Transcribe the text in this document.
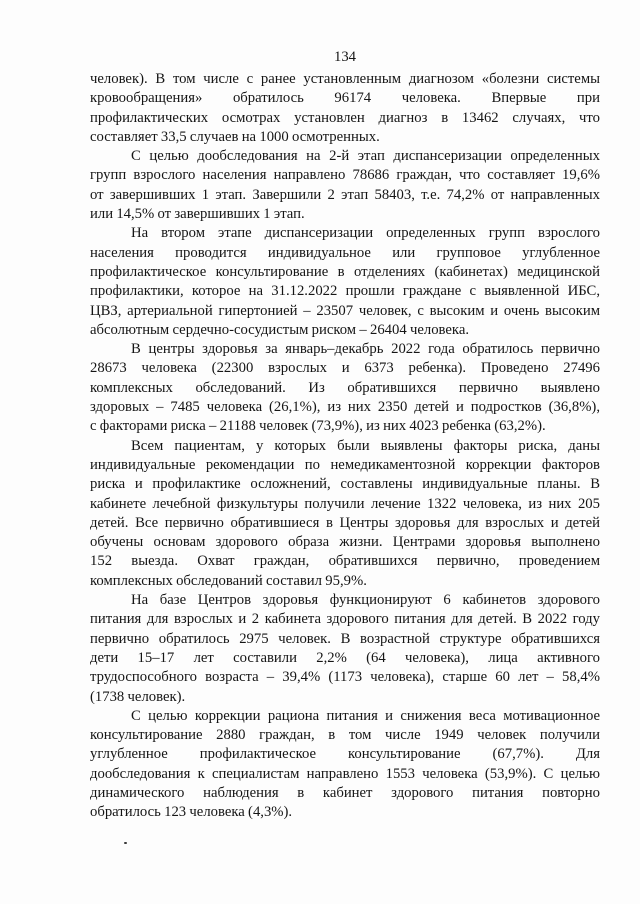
134
человек). В том числе с ранее установленным диагнозом «болезни системы
кровообращения» обратилось 96174 человека. Впервые при
профилактических осмотрах установлен диагноз в 13462 случаях, что
составляет 33,5 случаев на 1000 осмотренных.
С целью дообследования на 2-й этап диспансеризации определенных
групп взрослого населения направлено 78686 граждан, что составляет 19,6%
от завершивших 1 этап. Завершили 2 этап 58403, т.е. 74,2% от направленных
или 14,5% от завершивших 1 этап.
На втором этапе диспансеризации определенных групп взрослого
населения проводится индивидуальное или групповое углубленное
профилактическое консультирование в отделениях (кабинетах) медицинской
профилактики, которое на 31.12.2022 прошли граждане с выявленной ИБС,
ЦВЗ, артериальной гипертонией – 23507 человек, с высоким и очень высоким
абсолютным сердечно-сосудистым риском – 26404 человека.
В центры здоровья за январь–декабрь 2022 года обратилось первично
28673 человека (22300 взрослых и 6373 ребенка). Проведено 27496
комплексных обследований. Из обратившихся первично выявлено
здоровых – 7485 человека (26,1%), из них 2350 детей и подростков (36,8%),
с факторами риска – 21188 человек (73,9%), из них 4023 ребенка (63,2%).
Всем пациентам, у которых были выявлены факторы риска, даны
индивидуальные рекомендации по немедикаментозной коррекции факторов
риска и профилактике осложнений, составлены индивидуальные планы. В
кабинете лечебной физкультуры получили лечение 1322 человека, из них 205
детей. Все первично обратившиеся в Центры здоровья для взрослых и детей
обучены основам здорового образа жизни. Центрами здоровья выполнено
152 выезда. Охват граждан, обратившихся первично, проведением
комплексных обследований составил 95,9%.
На базе Центров здоровья функционируют 6 кабинетов здорового
питания для взрослых и 2 кабинета здорового питания для детей. В 2022 году
первично обратилось 2975 человек. В возрастной структуре обратившихся
дети 15–17 лет составили 2,2% (64 человека), лица активного
трудоспособного возраста – 39,4% (1173 человека), старше 60 лет – 58,4%
(1738 человек).
С целью коррекции рациона питания и снижения веса мотивационное
консультирование 2880 граждан, в том числе 1949 человек получили
углубленное профилактическое консультирование (67,7%). Для
дообследования к специалистам направлено 1553 человека (53,9%). С целью
динамического наблюдения в кабинет здорового питания повторно
обратилось 123 человека (4,3%).
